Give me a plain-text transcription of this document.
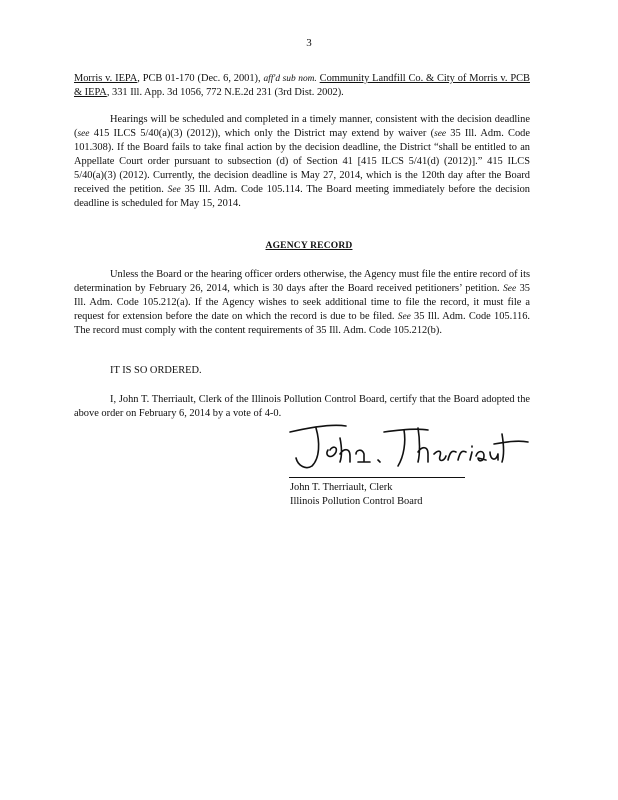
3
Morris v. IEPA, PCB 01-170 (Dec. 6, 2001), aff'd sub nom. Community Landfill Co. & City of Morris v. PCB & IEPA, 331 Ill. App. 3d 1056, 772 N.E.2d 231 (3rd Dist. 2002).
Hearings will be scheduled and completed in a timely manner, consistent with the decision deadline (see 415 ILCS 5/40(a)(3) (2012)), which only the District may extend by waiver (see 35 Ill. Adm. Code 101.308). If the Board fails to take final action by the decision deadline, the District “shall be entitled to an Appellate Court order pursuant to subsection (d) of Section 41 [415 ILCS 5/41(d) (2012)].” 415 ILCS 5/40(a)(3) (2012). Currently, the decision deadline is May 27, 2014, which is the 120th day after the Board received the petition. See 35 Ill. Adm. Code 105.114. The Board meeting immediately before the decision deadline is scheduled for May 15, 2014.
AGENCY RECORD
Unless the Board or the hearing officer orders otherwise, the Agency must file the entire record of its determination by February 26, 2014, which is 30 days after the Board received petitioners’ petition. See 35 Ill. Adm. Code 105.212(a). If the Agency wishes to seek additional time to file the record, it must file a request for extension before the date on which the record is due to be filed. See 35 Ill. Adm. Code 105.116. The record must comply with the content requirements of 35 Ill. Adm. Code 105.212(b).
IT IS SO ORDERED.
I, John T. Therriault, Clerk of the Illinois Pollution Control Board, certify that the Board adopted the above order on February 6, 2014 by a vote of 4-0.
John T. Therriault, Clerk
Illinois Pollution Control Board
